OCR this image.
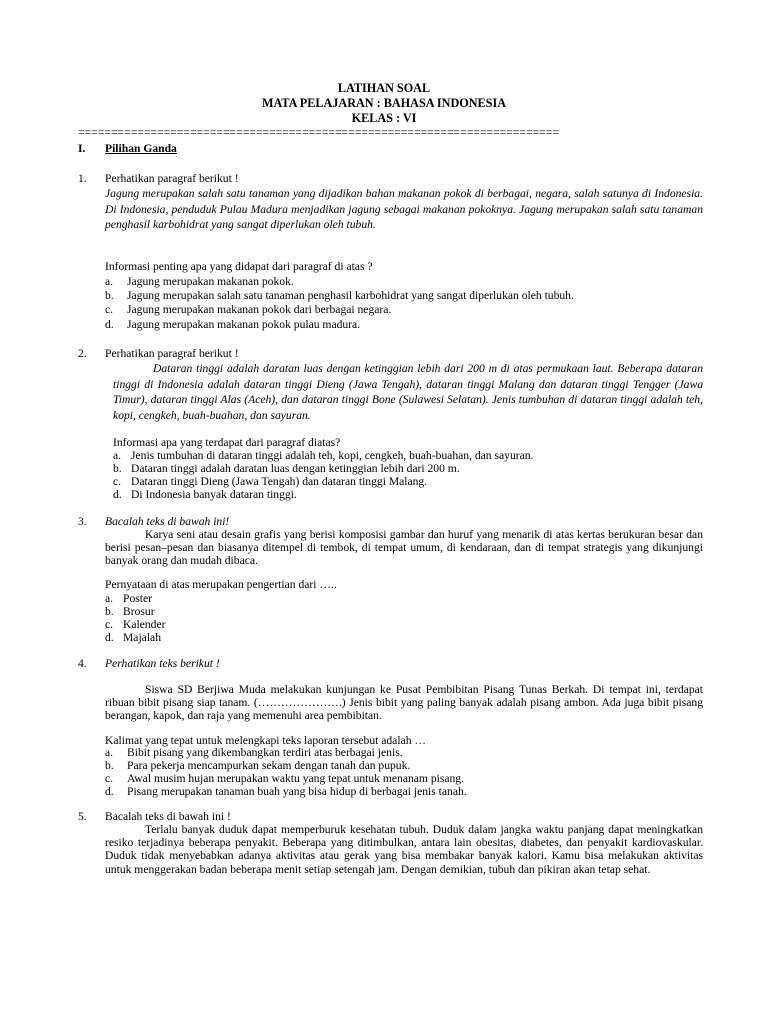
LATIHAN SOAL
MATA PELAJARAN : BAHASA INDONESIA
KELAS : VI
=========================================================================
I. Pilihan Ganda
1. Perhatikan paragraf berikut !
Jagung merupakan salah satu tanaman yang dijadikan bahan makanan pokok di berbagai, negara, salah satunya di Indonesia. Di Indonesia, penduduk Pulau Madura menjadikan jagung sebagai makanan pokoknya. Jagung merupakan salah satu tanaman penghasil karbohidrat yang sangat diperlukan oleh tubuh.
Informasi penting apa yang didapat dari paragraf di atas ?
a. Jagung merupakan makanan pokok.
b. Jagung merupakan salah satu tanaman penghasil karbohidrat yang sangat diperlukan oleh tubuh.
c. Jagung merupakan makanan pokok dari berbagai negara.
d. Jagung merupakan makanan pokok pulau madura.
2. Perhatikan paragraf berikut !
Dataran tinggi adalah daratan luas dengan ketinggian lebih dari 200 m di atas permukaan laut. Beberapa dataran tinggi di Indonesia adalah dataran tinggi Dieng (Jawa Tengah), dataran tinggi Malang dan dataran tinggi Tengger (Jawa Timur), dataran tinggi Alas (Aceh), dan dataran tinggi Bone (Sulawesi Selatan). Jenis tumbuhan di dataran tinggi adalah teh, kopi, cengkeh, buah-buahan, dan sayuran.
Informasi apa yang terdapat dari paragraf diatas?
a. Jenis tumbuhan di dataran tinggi adalah teh, kopi, cengkeh, buah-buahan, dan sayuran.
b. Dataran tinggi adalah daratan luas dengan ketinggian lebih dari 200 m.
c. Dataran tinggi Dieng (Jawa Tengah) dan dataran tinggi Malang.
d. Di Indonesia banyak dataran tinggi.
3. Bacalah teks di bawah ini!
Karya seni atau desain grafis yang berisi komposisi gambar dan huruf yang menarik di atas kertas berukuran besar dan berisi pesan–pesan dan biasanya ditempel di tembok, di tempat umum, di kendaraan, dan di tempat strategis yang dikunjungi banyak orang dan mudah dibaca.
Pernyataan di atas merupakan pengertian dari …..
a. Poster
b. Brosur
c. Kalender
d. Majalah
4. Perhatikan teks berikut !
Siswa SD Berjiwa Muda melakukan kunjungan ke Pusat Pembibitan Pisang Tunas Berkah. Di tempat ini, terdapat ribuan bibit pisang siap tanam. (………………….) Jenis bibit yang paling banyak adalah pisang ambon. Ada juga bibit pisang berangan, kapok, dan raja yang memenuhi area pembibitan.
Kalimat yang tepat untuk melengkapi teks laporan tersebut adalah …
a. Bibit pisang yang dikembangkan terdiri atas berbagai jenis.
b. Para pekerja mencampurkan sekam dengan tanah dan pupuk.
c. Awal musim hujan merupakan waktu yang tepat untuk menanam pisang.
d. Pisang merupakan tanaman buah yang bisa hidup di berbagai jenis tanah.
5. Bacalah teks di bawah ini !
Terlalu banyak duduk dapat memperburuk kesehatan tubuh. Duduk dalam jangka waktu panjang dapat meningkatkan resiko terjadinya beberapa penyakit. Beberapa yang ditimbulkan, antara lain obesitas, diabetes, dan penyakit kardiovaskular. Duduk tidak menyebabkan adanya aktivitas atau gerak yang bisa membakar banyak kalori. Kamu bisa melakukan aktivitas untuk menggerakan badan beberapa menit setiap setengah jam. Dengan demikian, tubuh dan pikiran akan tetap sehat.
